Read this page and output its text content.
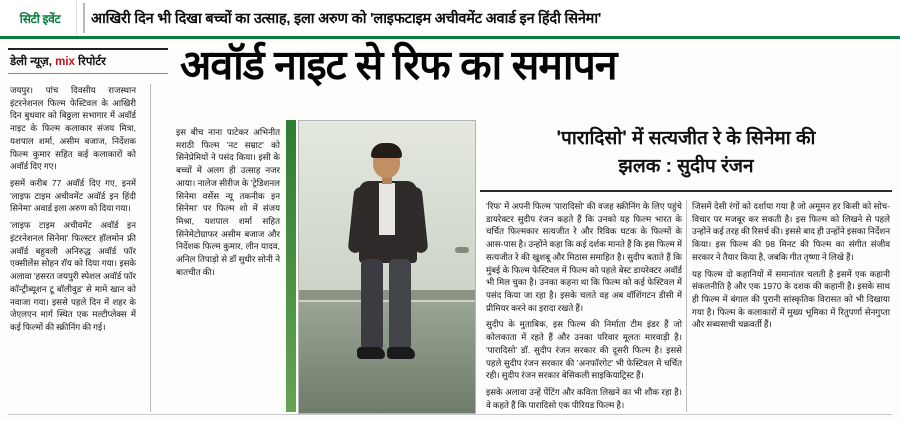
सिटी इवेंट आखिरी दिन भी दिखा बच्चों का उत्साह, इला अरुण को 'लाइफटाइम अचीवमेंट अवार्ड इन हिंदी सिनेमा'
डेली न्यूज़, mix रिपोर्टर	अवॉर्ड नाइट से रिफ का समापन
'पारादिसो' में सत्यजीत रे के सिनेमा की
झलक : सुदीप रंजन

जयपुर। पांच दिवसीय राजस्थान इंटरनेशनल फिल्म फेस्टिवल के आखिरी दिन बुधवार को बिठ्ठला सभागार में अवॉर्ड नाइट के फिल्म कलाकार संजय मित्रा, यशपाल शर्मा, असीम बजाज, निर्देशक फिल्म कुमार सहित कई कलाकारों को अवॉर्ड दिए गए।

इसमें करीब 77 अवॉर्ड दिए गए, इनमें 'लाइफ टाइम अचीवमेंट अवॉर्ड इन हिंदी सिनेमा' अवार्ड इला अरुण को दिया गया।

'लाइफ टाइम अचीवमेंट अवॉर्ड इन इंटरनेशनल सिनेमा' फिल्स्टर हॉलमोन फ्री अवॉर्ड बहुवली अनिरुद्ध अवॉर्ड फॉर एक्सीलेंस सोहन रॉय को दिया गया। इसके अलावा 'हसरत जयपुरी स्पेशल अवॉर्ड फॉर कॉन्ट्रीब्यूशन टू बॉलीवुड' से मामे खान को नवाजा गया। इससे पहले दिन में शहर के जेएलएन मार्ग स्थित एक मल्टीप्लेक्स में कई फिल्मों की स्क्रीनिंग की गई।

इस बीच नाना पाटेकर अभिनीत मराठी फिल्म 'नट सम्राट' को सिनेप्रेमियों ने पसंद किया। इसी के बच्चों में अलग ही उत्साह नजर आया। नालेज सीरीज के 'ट्रेडिशनल सिनेमा वर्सेस न्यू तकनीक इन सिनेमा' पर फिल्म शो में संजय मिश्रा, यशपाल शर्मा सहित सिनेमेटोग्राफर असीम बजाज और निर्देशक फिल्म कुमार, लीन यादव, अनिल तिपाड़ो से डॉ सुधीर सोनी ने बातचीत की।

'रिफ' में अपनी फिल्म 'पारादिसो' की वजह स्क्रीनिंग के लिए पहुंचे डायरेक्टर सुदीप रंजन कहते हैं कि उनको यह फिल्म भारत के चर्चित फिल्मकार सत्यजीत रे और रिविक घटक के फिल्मों के आस-पास है। उन्होंने कहा कि कई दर्शक मानते हैं कि इस फिल्म में सत्यजीत रे की खुशबू और मिठास समाहित है। सुदीप बताते हैं कि मुंबई के फिल्म फेस्टिवल में फिल्म को पहले बेस्ट डायरेक्टर अवॉर्ड भी मिल चुका है। उनका कहना था कि फिल्म को कई फेस्टिवल में पसंद किया जा रहा है। इसके चलते वह अब वॉशिंगटन डीसी में प्रीमियर करने का इरादा रखते हैं।

सुदीप के मुताबिक, इस फिल्म की निर्माता टीम इंडर हैं जो कोलकाता में रहते हैं और उनका परिवार मूलतः मारवाड़ी है। 'पारादिसो' डॉ. सुदीप रंजन सरकार की दूसरी फिल्म है। इससे पहले सुदीप रंजन सरकार की 'अनफॉरगेट' भी फेस्टिवल में चर्चित रही। सुदीप रंजन सरकार बेसिकली साइकियाट्रिस्ट हैं।

इसके अलावा उन्हें पेंटिंग और कविता लिखने का भी शौक रहा है। वे कहते हैं कि पारादिसो एक पीरियड फिल्म है।

जिसमें देसी रंगों को दर्शाया गया है जो अमूमन हर किसी को सोच-विचार पर मजबूर कर सकती है। इस फिल्म को लिखने से पहले उन्होंने कई तरह की रिसर्च की। इससे बाद ही उन्होंने इसका निर्देशन किया। इस फिल्म की 98 मिनट की फिल्म का संगीत संजीव सरकार ने तैयार किया है, जबकि गीत तृष्णा ने लिखे हैं।

यह फिल्म दो कहानियों में समानांतर चलती है इसमें एक कहानी संकलनीति है और एक 1970 के दशक की कहानी है। इसके साथ ही फिल्म में बंगाल की पुरानी सांस्कृतिक विरासत को भी दिखाया गया है। फिल्म के कलाकारों में मुख्य भूमिका में रितुपर्णा सेनगुप्ता और सब्यसाची चक्रवर्ती हैं।
